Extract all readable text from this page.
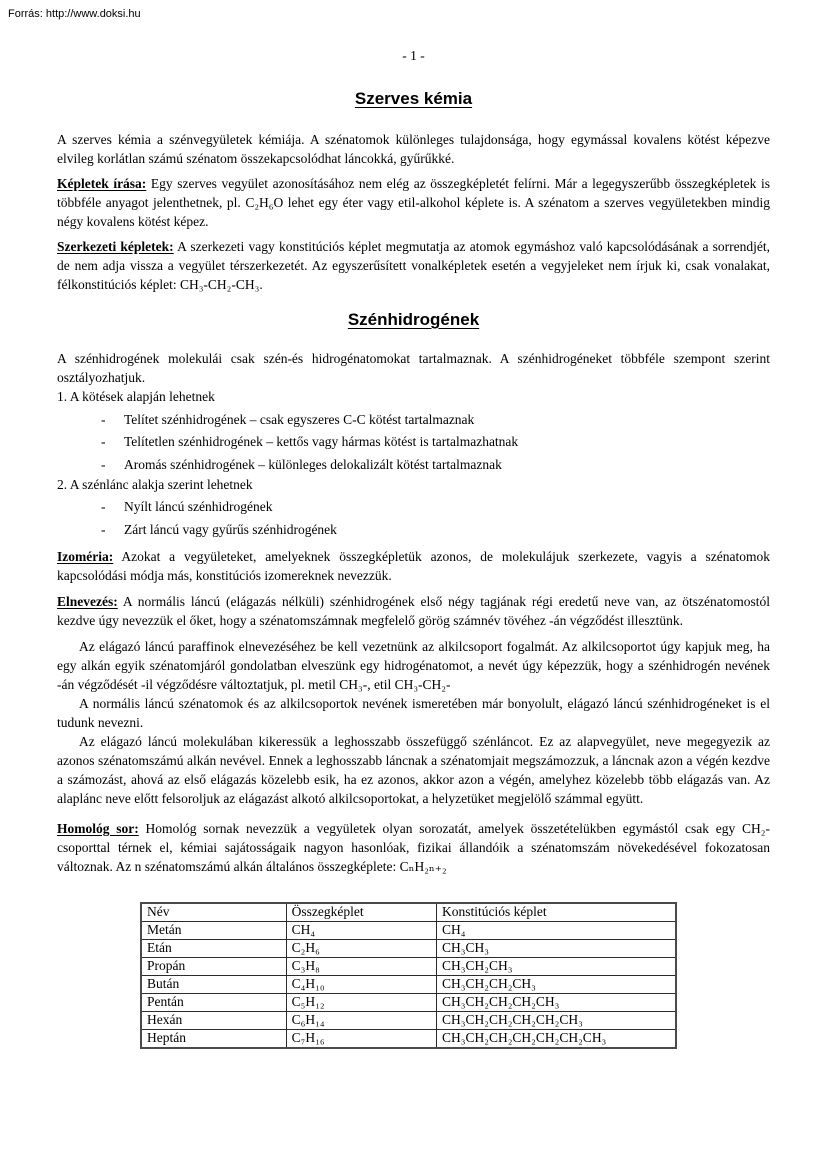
Forrás: http://www.doksi.hu
- 1 -
Szerves kémia

A szerves kémia a szénvegyületek kémiája. A szénatomok különleges tulajdonsága, hogy egymással kovalens kötést képezve elvileg korlátlan számú szénatom összekapcsolódhat láncokká, gyűrűkké.

Képletek írása: Egy szerves vegyület azonosításához nem elég az összegképletét felírni. Már a legegyszerűbb összegképletek is többféle anyagot jelenthetnek, pl. C₂H₆O lehet egy éter vagy etil-alkohol képlete is. A szénatom a szerves vegyületekben mindig négy kovalens kötést képez.

Szerkezeti képletek: A szerkezeti vagy konstitúciós képlet megmutatja az atomok egymáshoz való kapcsolódásának a sorrendjét, de nem adja vissza a vegyület térszerkezetét. Az egyszerűsített vonalképletek esetén a vegyjeleket nem írjuk ki, csak vonalakat, félkonstitúciós képlet: CH₃-CH₂-CH₃.

Szénhidrogének

A szénhidrogének molekulái csak szén-és hidrogénatomokat tartalmaznak. A szénhidrogéneket többféle szempont szerint osztályozhatjuk.

1. A kötések alapján lehetnek
-	Telítet szénhidrogének – csak egyszeres C-C kötést tartalmaznak
-	Telítetlen szénhidrogének – kettős vagy hármas kötést is tartalmazhatnak
-	Aromás szénhidrogének – különleges delokalizált kötést tartalmaznak
2. A szénlánc alakja szerint lehetnek
-	Nyílt láncú szénhidrogének
-	Zárt láncú vagy gyűrűs szénhidrogének

Izoméria: Azokat a vegyületeket, amelyeknek összegképletük azonos, de molekulájuk szerkezete, vagyis a szénatomok kapcsolódási módja más, konstitúciós izomereknek nevezzük.

Elnevezés: A normális láncú (elágazás nélküli) szénhidrogének első négy tagjának régi eredetű neve van, az ötszénatomostól kezdve úgy nevezzük el őket, hogy a szénatomszámnak megfelelő görög számnév tövéhez -án végződést illesztünk.

Az elágazó láncú paraffinok elnevezéséhez be kell vezetnünk az alkilcsoport fogalmát. Az alkilcsoportot úgy kapjuk meg, ha egy alkán egyik szénatomjáról gondolatban elveszünk egy hidrogénatomot, a nevét úgy képezzük, hogy a szénhidrogén nevének -án végződését -il végződésre változtatjuk, pl. metil CH₃-, etil CH₃-CH₂-

A normális láncú szénatomok és az alkilcsoportok nevének ismeretében már bonyolult, elágazó láncú szénhidrogéneket is el tudunk nevezni.

Az elágazó láncú molekulában kikeressük a leghosszabb összefüggő szénláncot. Ez az alapvegyület, neve megegyezik az azonos szénatomszámú alkán nevével. Ennek a leghosszabb láncnak a szénatomjait megszámozzuk, a láncnak azon a végén kezdve a számozást, ahová az első elágazás közelebb esik, ha ez azonos, akkor azon a végén, amelyhez közelebb több elágazás van. Az alaplánc neve előtt felsoroljuk az elágazást alkotó alkilcsoportokat, a helyzetüket megjelölő számmal együtt.

Homológ sor: Homológ sornak nevezzük a vegyületek olyan sorozatát, amelyek összetételükben egymástól csak egy CH₂- csoporttal térnek el, kémiai sajátosságaik nagyon hasonlóak, fizikai állandóik a szénatomszám növekedésével fokozatosan változnak. Az n szénatomszámú alkán általános összegképlete: CₙH₂ₙ₊₂

Név	Összegképlet	Konstitúciós képlet
Metán	CH₄	CH₄
Etán	C₂H₆	CH₃CH₃
Propán	C₃H₈	CH₃CH₂CH₃
Bután	C₄H₁₀	CH₃CH₂CH₂CH₃
Pentán	C₅H₁₂	CH₃CH₂CH₂CH₂CH₃
Hexán	C₆H₁₄	CH₃CH₂CH₂CH₂CH₂CH₃
Heptán	C₇H₁₆	CH₃CH₂CH₂CH₂CH₂CH₂CH₃
